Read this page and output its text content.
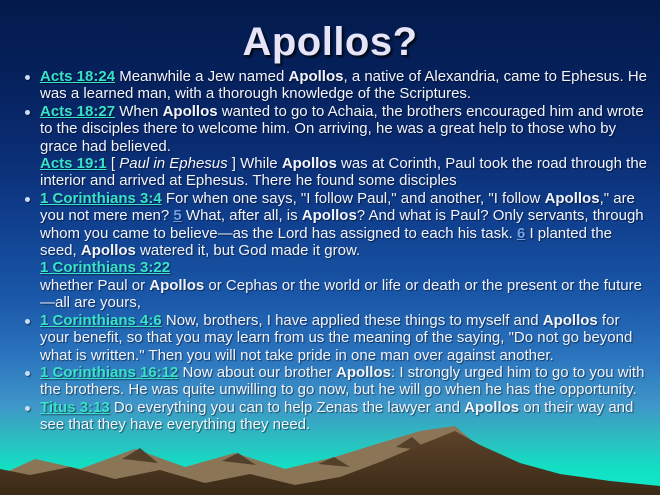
Apollos?

Acts 18:24 Meanwhile a Jew named Apollos, a native of Alexandria, came to Ephesus. He was a learned man, with a thorough knowledge of the Scriptures.

Acts 18:27 When Apollos wanted to go to Achaia, the brothers encouraged him and wrote to the disciples there to welcome him. On arriving, he was a great help to those who by grace had believed.
Acts 19:1 [ Paul in Ephesus ] While Apollos was at Corinth, Paul took the road through the interior and arrived at Ephesus. There he found some disciples

1 Corinthians 3:4 For when one says, "I follow Paul," and another, "I follow Apollos," are you not mere men? 5 What, after all, is Apollos? And what is Paul? Only servants, through whom you came to believe—as the Lord has assigned to each his task. 6 I planted the seed, Apollos watered it, but God made it grow.
1 Corinthians 3:22
whether Paul or Apollos or Cephas or the world or life or death or the present or the future—all are yours,

1 Corinthians 4:6 Now, brothers, I have applied these things to myself and Apollos for your benefit, so that you may learn from us the meaning of the saying, "Do not go beyond what is written." Then you will not take pride in one man over against another.

1 Corinthians 16:12 Now about our brother Apollos: I strongly urged him to go to you with the brothers. He was quite unwilling to go now, but he will go when he has the opportunity.

Titus 3:13 Do everything you can to help Zenas the lawyer and Apollos on their way and see that they have everything they need.
